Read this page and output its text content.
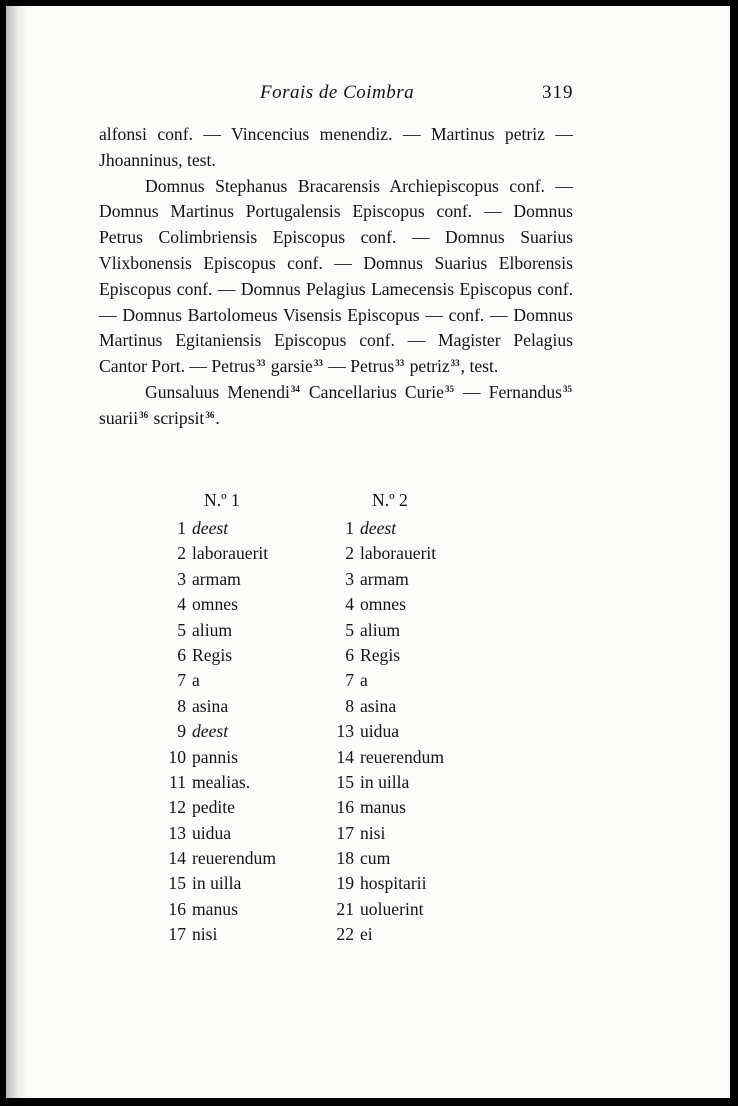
Forais de Coimbra	319

alfonsi conf. — Vincencius menendiz. — Martinus petriz — Jhoanninus, test.

Domnus Stephanus Bracarensis Archiepiscopus conf. — Domnus Martinus Portugalensis Episcopus conf. — Domnus Petrus Colimbriensis Episcopus conf. — Domnus Suarius Vlixbonensis Episcopus conf. — Domnus Suarius Elborensis Episcopus conf. — Domnus Pelagius Lamecensis Episcopus conf. — Domnus Bartolomeus Visensis Episcopus — conf. — Domnus Martinus Egitaniensis Episcopus conf. — Magister Pelagius Cantor Port. — Petrus$^{33}$ garsie$^{33}$ — Petrus$^{33}$ petriz$^{33}$, test.

Gunsaluus Menendi$^{34}$ Cancellarius Curie$^{35}$ — Fernandus$^{35}$ suarii$^{36}$ scripsit$^{36}$.

N.º 1
1 deest
2 laborauerit
3 armam
4 omnes
5 alium
6 Regis
7 a
8 asina
9 deest
10 pannis
11 mealias.
12 pedite
13 uidua
14 reuerendum
15 in uilla
16 manus
17 nisi
N.º 2
1 deest
2 laborauerit
3 armam
4 omnes
5 alium
6 Regis
7 a
8 asina
13 uidua
14 reuerendum
15 in uilla
16 manus
17 nisi
18 cum
19 hospitarii
21 uoluerint
22 ei
